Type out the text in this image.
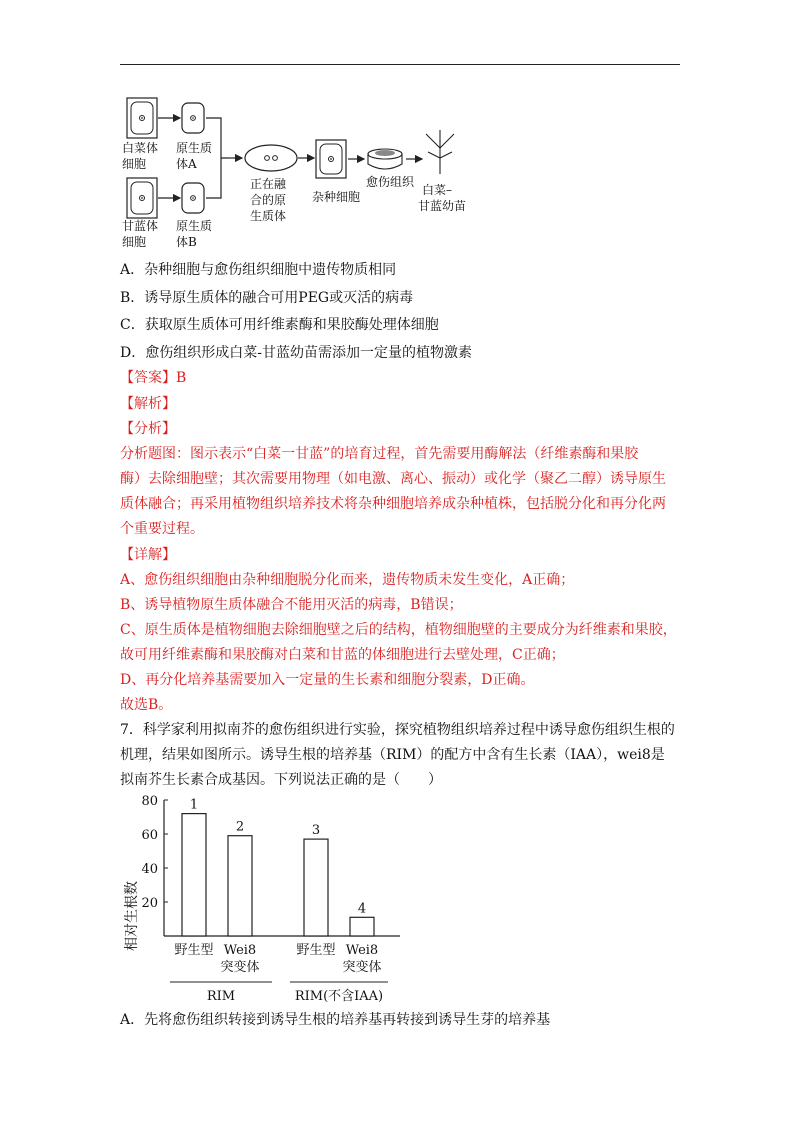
白菜体细胞
原生质体A
甘蓝体细胞
原生质体B
正在融合的原生质体
杂种细胞
愈伤组织
白菜–甘蓝幼苗
A．杂种细胞与愈伤组织细胞中遗传物质相同
B．诱导原生质体的融合可用PEG或灭活的病毒
C．获取原生质体可用纤维素酶和果胶酶处理体细胞
D．愈伤组织形成白菜-甘蓝幼苗需添加一定量的植物激素
【答案】B
【解析】
【分析】
分析题图：图示表示“白菜一甘蓝”的培育过程，首先需要用酶解法（纤维素酶和果胶
酶）去除细胞壁；其次需要用物理（如电激、离心、振动）或化学（聚乙二醇）诱导原生
质体融合；再采用植物组织培养技术将杂种细胞培养成杂种植株，包括脱分化和再分化两
个重要过程。
【详解】
A、愈伤组织细胞由杂种细胞脱分化而来，遗传物质未发生变化，A正确；
B、诱导植物原生质体融合不能用灭活的病毒，B错误；
C、原生质体是植物细胞去除细胞壁之后的结构，植物细胞壁的主要成分为纤维素和果胶，
故可用纤维素酶和果胶酶对白菜和甘蓝的体细胞进行去壁处理，C正确；
D、再分化培养基需要加入一定量的生长素和细胞分裂素，D正确。
故选B。
7．科学家利用拟南芥的愈伤组织进行实验，探究植物组织培养过程中诱导愈伤组织生根的
机理，结果如图所示。诱导生根的培养基（RIM）的配方中含有生长素（IAA），wei8是
拟南芥生长素合成基因。下列说法正确的是（　　）
相对生根数 20
40
60
80 1
野生型
2
Wei8
突变体
3
野生型
4
Wei8
突变体
RIM	RIM(不含IAA)
A．先将愈伤组织转接到诱导生根的培养基再转接到诱导生芽的培养基
